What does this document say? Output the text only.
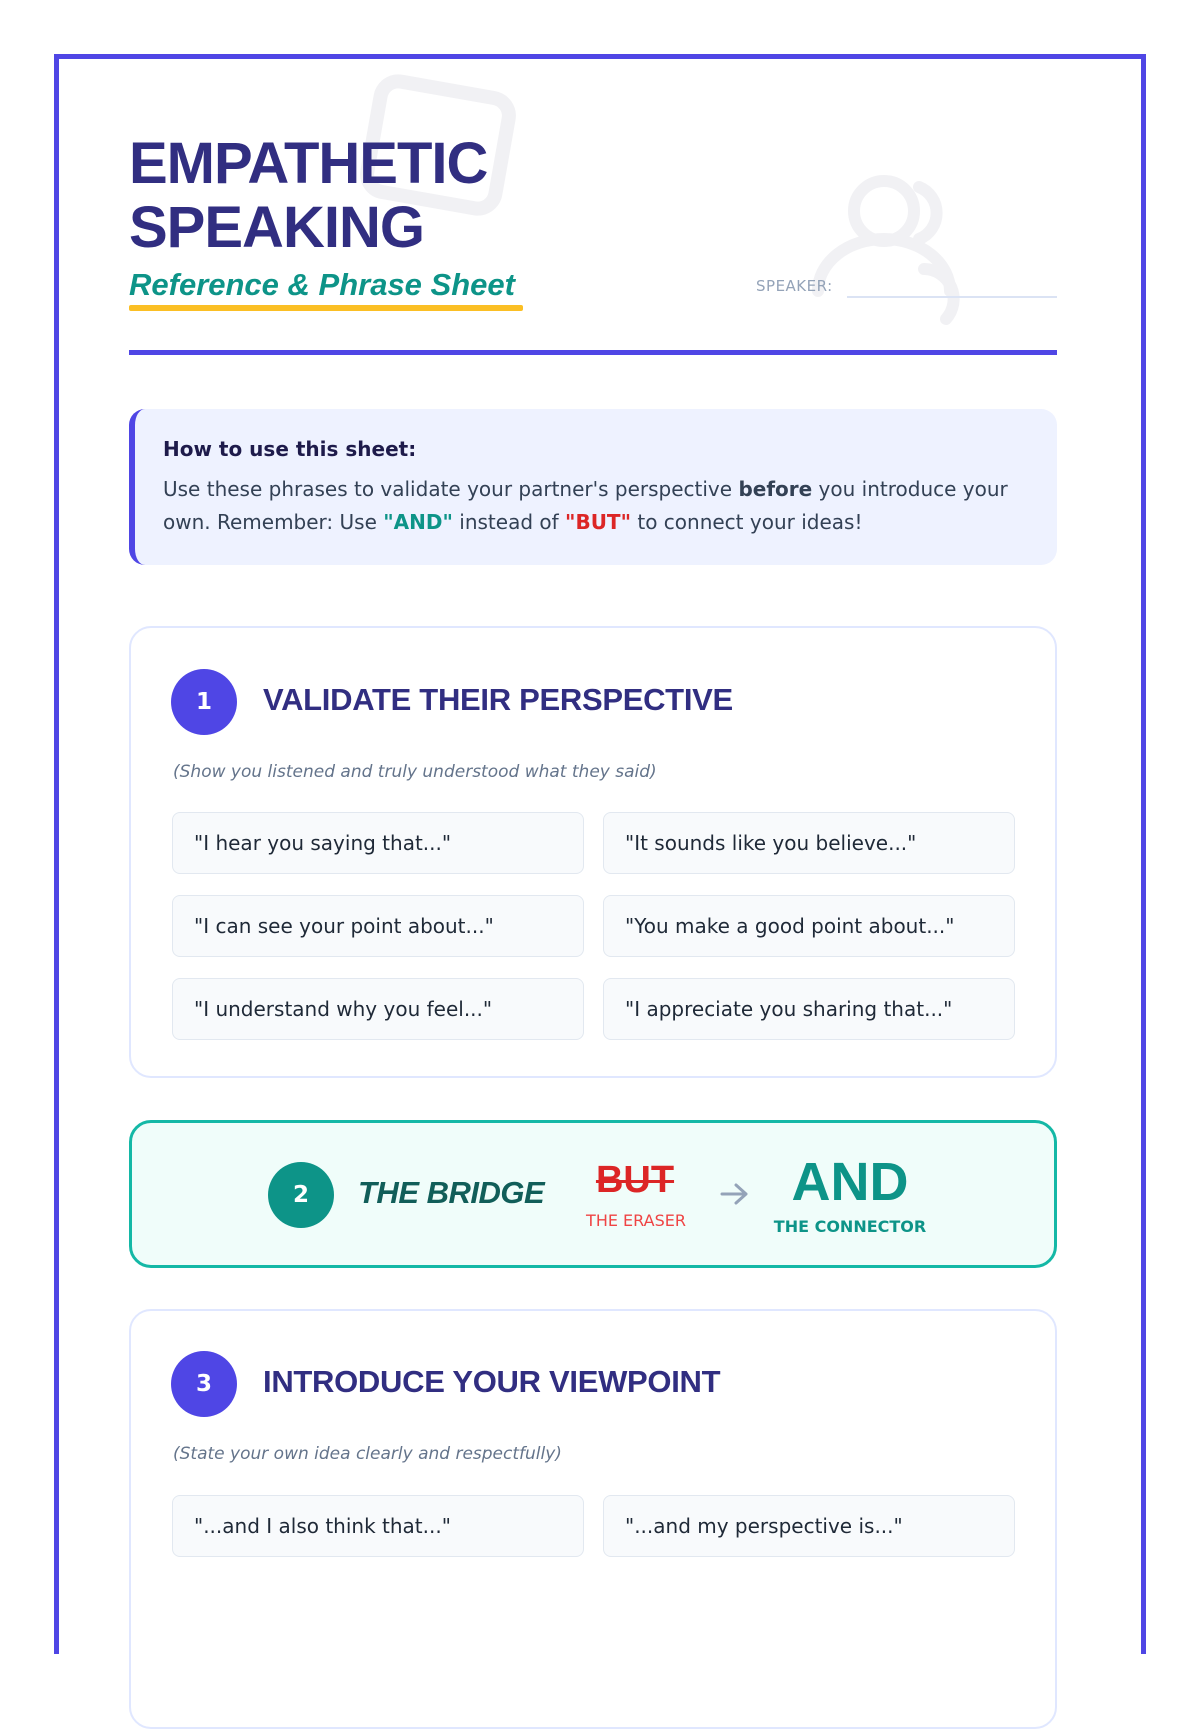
EMPATHETIC
SPEAKING
Reference & Phrase Sheet	SPEAKER:
How to use this sheet:
Use these phrases to validate your partner's perspective before you introduce your own. Remember: Use "AND" instead of "BUT" to connect your ideas!
1	VALIDATE THEIR PERSPECTIVE
(Show you listened and truly understood what they said)
"I hear you saying that..."	"It sounds like you believe..."
"I can see your point about..."	"You make a good point about..."
"I understand why you feel..."	"I appreciate you sharing that..."
2	THE BRIDGE BUT
THE ERASER
AND
THE CONNECTOR
3	INTRODUCE YOUR VIEWPOINT
(State your own idea clearly and respectfully)
"...and I also think that..."	"...and my perspective is..."
